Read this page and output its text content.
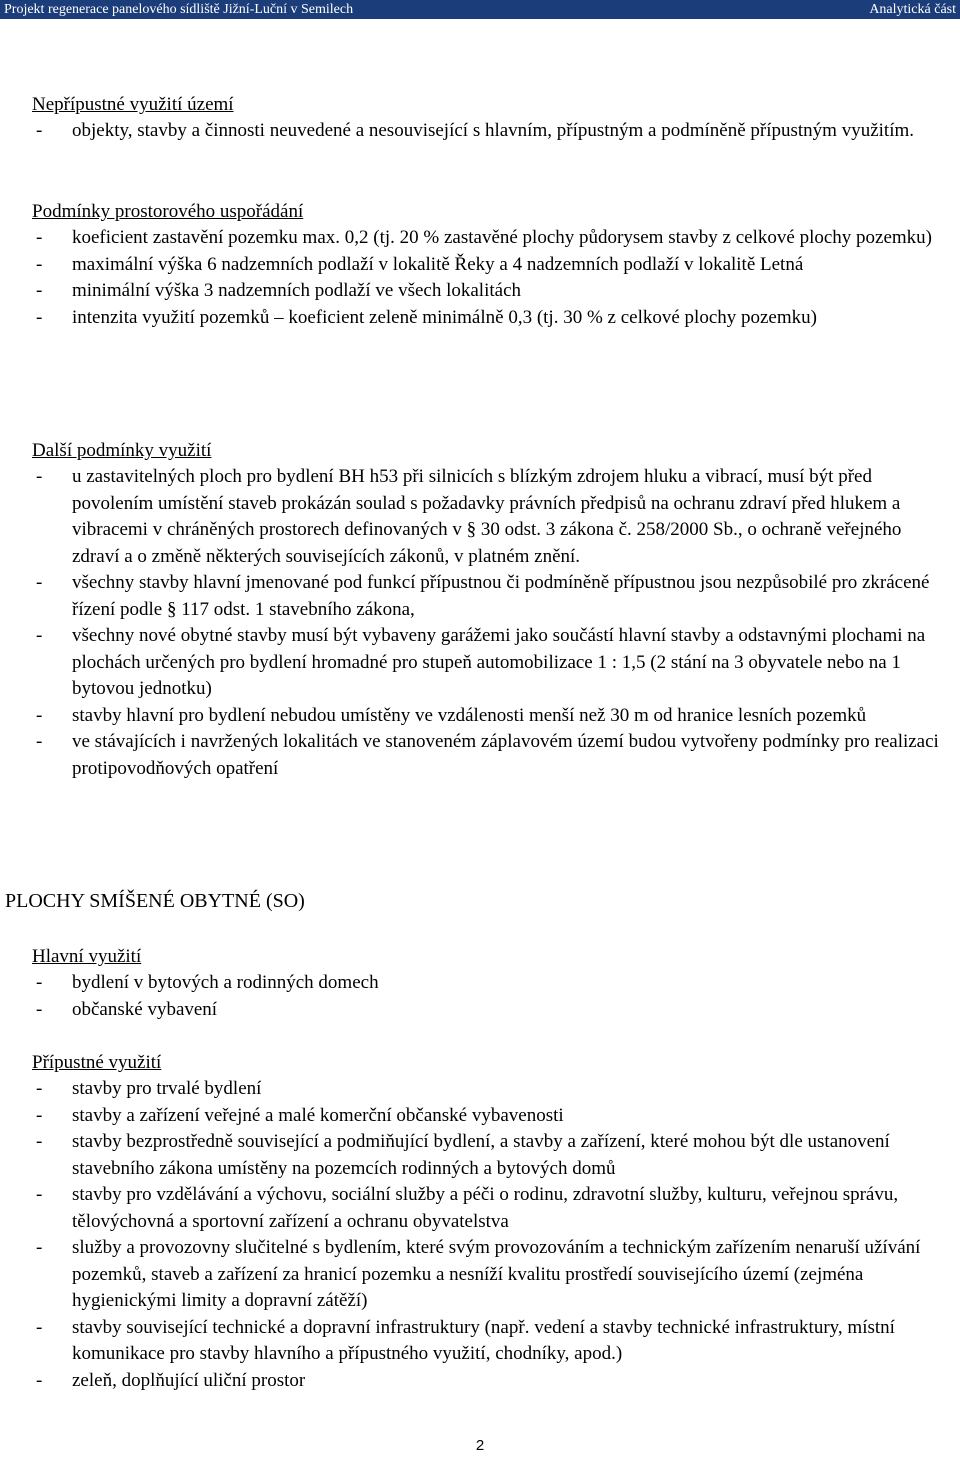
Projekt regenerace panelového sídliště Jižní-Luční v Semilech	Analytická část
Nepřípustné využití území
-	objekty, stavby a činnosti neuvedené a nesouvisející s hlavním, přípustným a podmíněně přípustným využitím.
Podmínky prostorového uspořádání
-	koeficient zastavění pozemku max. 0,2 (tj. 20 % zastavěné plochy půdorysem stavby z celkové plochy pozemku)
-	maximální výška 6 nadzemních podlaží v lokalitě Řeky a 4 nadzemních podlaží v lokalitě Letná
-	minimální výška 3 nadzemních podlaží ve všech lokalitách
-	intenzita využití pozemků – koeficient zeleně minimálně 0,3 (tj. 30 % z celkové plochy pozemku)
Další podmínky využití
-	u zastavitelných ploch pro bydlení BH h53 při silnicích s blízkým zdrojem hluku a vibrací, musí být před povolením umístění staveb prokázán soulad s požadavky právních předpisů na ochranu zdraví před hlukem a vibracemi v chráněných prostorech definovaných v § 30 odst. 3 zákona č. 258/2000 Sb., o ochraně veřejného zdraví a o změně některých souvisejících zákonů, v platném znění.
-	všechny stavby hlavní jmenované pod funkcí přípustnou či podmíněně přípustnou jsou nezpůsobilé pro zkrácené řízení podle § 117 odst. 1 stavebního zákona,
-	všechny nové obytné stavby musí být vybaveny garážemi jako součástí hlavní stavby a odstavnými plochami na plochách určených pro bydlení hromadné pro stupeň automobilizace 1 : 1,5 (2 stání na 3 obyvatele nebo na 1 bytovou jednotku)
-	stavby hlavní pro bydlení nebudou umístěny ve vzdálenosti menší než 30 m od hranice lesních pozemků
-	ve stávajících i navržených lokalitách ve stanoveném záplavovém území budou vytvořeny podmínky pro realizaci protipovodňových opatření
PLOCHY SMÍŠENÉ OBYTNÉ (SO)
Hlavní využití
-	bydlení v bytových a rodinných domech
-	občanské vybavení
Přípustné využití
-	stavby pro trvalé bydlení
-	stavby a zařízení veřejné a malé komerční občanské vybavenosti
-	stavby bezprostředně související a podmiňující bydlení, a stavby a zařízení, které mohou být dle ustanovení stavebního zákona umístěny na pozemcích rodinných a bytových domů
-	stavby pro vzdělávání a výchovu, sociální služby a péči o rodinu, zdravotní služby, kulturu, veřejnou správu, tělovýchovná a sportovní zařízení a ochranu obyvatelstva
-	služby a provozovny slučitelné s bydlením, které svým provozováním a technickým zařízením nenaruší užívání pozemků, staveb a zařízení za hranicí pozemku a nesníží kvalitu prostředí souvisejícího území (zejména hygienickými limity a dopravní zátěží)
-	stavby související technické a dopravní infrastruktury (např. vedení a stavby technické infrastruktury, místní komunikace pro stavby hlavního a přípustného využití, chodníky, apod.)
-	zeleň, doplňující uliční prostor
2
